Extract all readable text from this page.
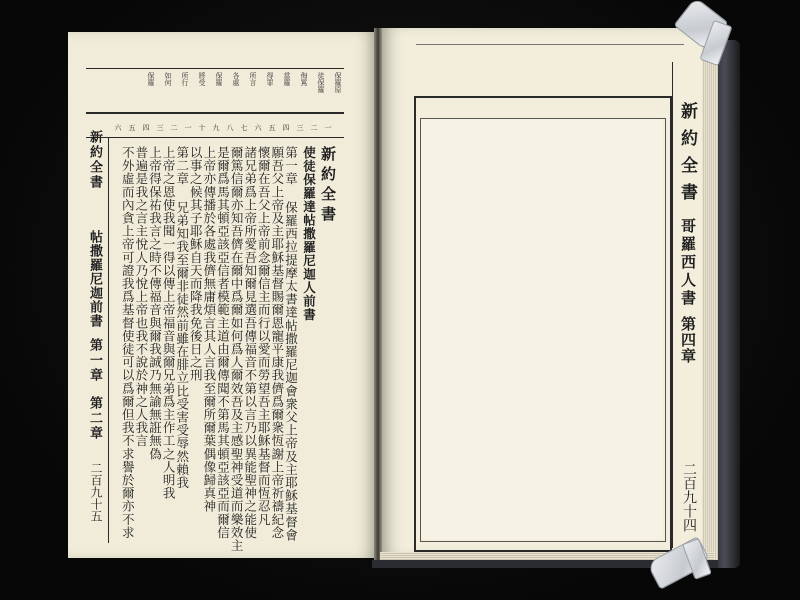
保羅原
徒保羅
侮罵
當羅
得罪
所言
各處
保羅
將受
所行
如何
保羅
六 五 四 三 二 一 十 九 八 七 六 五 四 三 二 一
新約全書
帖撒羅尼迦前書
第一章
第二章
二百九十五	第一章 保羅西拉提摩太書達帖撒羅尼迦會衆父上帝及主耶穌基督會
願吾父上帝及主耶穌基督賜爾恩寵平康我儕爲爾衆恆謝上帝祈禱紀念
懷爾在吾父上帝前念爾信主而行以愛而勞望吾主耶穌基督而恆忍凡
諸兄弟爲上帝所愛吾知爾見選吾傳福音不第以言乃以異能聖神之能使
爾篤信爾亦知吾儕在爾中爲爾如何爲人爾效吾及主感聖神受道而樂效主
是爾爲馬其頓亞該亞信者模範主道由爾傳聞不第馬其頓亞該亞而爾信
上帝亦傳播於各處我儕無庸煩言其人言我至爾所爾葉偶像歸真神
以事之候其子耶穌自天而降我免後日之刑
第二章 兄弟知我至爾非徒然前雖在腓立比受害受辱然賴我
上帝之恩使我聞一得以傳上帝福音與爾兄弟爲主作工之人明我
上帝得保祐我言之時不傳福音與爾我誠乃無諭無誑無偽
普遍是我之言主悅人乃悅上帝也我不說於神之人我言
不外虛而內貪上帝可證我爲基督使徒可以爲爾但我不求譽於爾亦不求	新約全書
使徒保羅達帖撒羅尼迦人前書	新約全書
哥羅西人書
第四章
二百九十四
